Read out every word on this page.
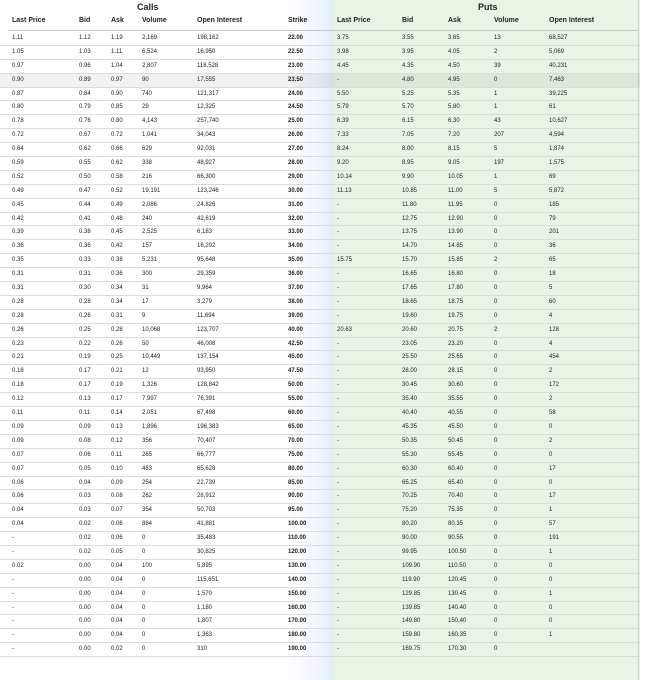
Calls	Puts
Last Price	Bid	Ask	Volume	Open Interest	Strike	Last Price	Bid	Ask	Volume	Open Interest
1.11	1.12	1.19	2,169	198,162	22.00	3.75	3.55	3.65	13	68,527
1.05	1.03	1.11	6,524	16,950	22.50	3.98	3.95	4.05	2	5,069
0.97	0.96	1.04	2,807	118,528	23.00	4.45	4.35	4.50	39	40,231
0.90	0.89	0.97	90	17,555	23.50	-	4.80	4.95	0	7,463
0.87	0.84	0.90	740	121,317	24.00	5.50	5.25	5.35	1	39,225
0.80	0.79	0.85	29	12,325	24.50	5.79	5.70	5.80	1	61
0.78	0.76	0.80	4,143	257,740	25.00	6.39	6.15	6.30	43	10,627
0.72	0.67	0.72	1,041	34,043	26.00	7.33	7.05	7.20	207	4,594
0.64	0.62	0.66	629	92,031	27.00	8.24	8.00	8.15	5	1,874
0.59	0.55	0.62	338	48,927	28.00	9.20	8.95	9.05	197	1,575
0.52	0.50	0.58	216	66,300	29.00	10.14	9.90	10.05	1	69
0.49	0.47	0.52	19,191	123,246	30.00	11.13	10.85	11.00	5	5,872
0.45	0.44	0.49	2,086	24,826	31.00	-	11.80	11.95	0	185
0.42	0.41	0.48	240	42,619	32.00	-	12.75	12.90	0	79
0.39	0.38	0.45	2,525	6,183	33.00	-	13.75	13.90	0	201
0.36	0.36	0.42	157	16,202	34.00	-	14.70	14.85	0	36
0.35	0.33	0.38	5,231	95,648	35.00	15.75	15.70	15.85	2	65
0.31	0.31	0.36	300	29,359	36.00	-	16.65	16.80	0	18
0.31	0.30	0.34	31	9,964	37.00	-	17.65	17.80	0	5
0.28	0.28	0.34	17	3,279	38.00	-	18.65	18.75	0	60
0.28	0.26	0.31	9	11,694	39.00	-	19.60	19.75	0	4
0.26	0.25	0.28	10,068	123,707	40.00	20.63	20.60	20.75	2	128
0.23	0.22	0.26	50	46,008	42.50	-	23.05	23.20	0	4
0.21	0.19	0.25	10,449	137,154	45.00	-	25.50	25.65	0	454
0.18	0.17	0.21	12	93,950	47.50	-	28.00	28.15	0	2
0.18	0.17	0.19	1,326	128,842	50.00	-	30.45	30.60	0	172
0.12	0.13	0.17	7,997	76,391	55.00	-	35.40	35.55	0	2
0.11	0.11	0.14	2,051	67,498	60.00	-	40.40	40.55	0	58
0.09	0.09	0.13	1,896	196,383	65.00	-	45.35	45.50	0	0
0.09	0.08	0.12	356	70,407	70.00	-	50.35	50.45	0	2
0.07	0.06	0.11	265	66,777	75.00	-	55.30	55.45	0	0
0.07	0.05	0.10	483	65,628	80.00	-	60.30	60.40	0	17
0.06	0.04	0.09	254	22,739	85.00	-	65.25	65.40	0	0
0.06	0.03	0.08	262	28,912	90.00	-	70.25	70.40	0	17
0.04	0.03	0.07	354	50,703	95.00	-	75.20	75.35	0	1
0.04	0.02	0.06	884	41,881	100.00	-	80.20	80.35	0	57
-	0.02	0.06	0	35,483	110.00	-	90.00	90.55	0	191
-	0.02	0.05	0	30,825	120.00	-	99.95	100.50	0	1
0.02	0.00	0.04	100	5,895	130.00	-	109.90	110.50	0	0
-	0.00	0.04	0	115,651	140.00	-	119.90	120.45	0	0
-	0.00	0.04	0	1,570	150.00	-	129.85	130.45	0	1
-	0.00	0.04	0	1,180	160.00	-	139.85	140.40	0	0
-	0.00	0.04	0	1,807	170.00	-	149.80	150.40	0	0
-	0.00	0.04	0	1,363	180.00	-	159.80	160.35	0	1
-	0.00	0.02	0	310	190.00	-	169.75	170.30	0
